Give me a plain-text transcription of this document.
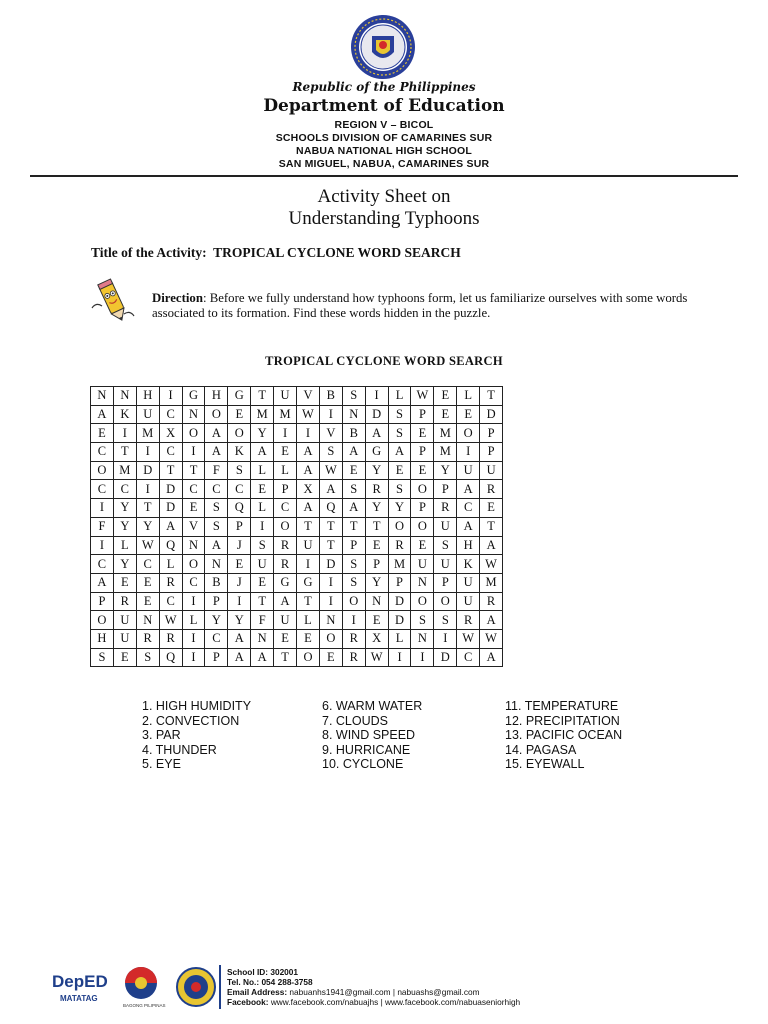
Republic of the Philippines
Department of Education
REGION V – BICOL
SCHOOLS DIVISION OF CAMARINES SUR
NABUA NATIONAL HIGH SCHOOL
SAN MIGUEL, NABUA, CAMARINES SUR
Activity Sheet on
Understanding Typhoons
Title of the Activity: TROPICAL CYCLONE WORD SEARCH
Direction: Before we fully understand how typhoons form, let us familiarize ourselves with some words associated to its formation. Find these words hidden in the puzzle.
TROPICAL CYCLONE WORD SEARCH
N	N	H	I	G	H	G	T	U	V	B	S	I	L	W	E	L	T
A	K	U	C	N	O	E	M	M	W	I	N	D	S	P	E	E	D
E	I	M	X	O	A	O	Y	I	I	V	B	A	S	E	M	O	P
C	T	I	C	I	A	K	A	E	A	S	A	G	A	P	M	I	P
O	M	D	T	T	F	S	L	L	A	W	E	Y	E	E	Y	U	U
C	C	I	D	C	C	C	E	P	X	A	S	R	S	O	P	A	R
I	Y	T	D	E	S	Q	L	C	A	Q	A	Y	Y	P	R	C	E
F	Y	Y	A	V	S	P	I	O	T	T	T	T	O	O	U	A	T
I	L	W	Q	N	A	J	S	R	U	T	P	E	R	E	S	H	A
C	Y	C	L	O	N	E	U	R	I	D	S	P	M	U	U	K	W
A	E	E	R	C	B	J	E	G	G	I	S	Y	P	N	P	U	M
P	R	E	C	I	P	I	T	A	T	I	O	N	D	O	O	U	R
O	U	N	W	L	Y	Y	F	U	L	N	I	E	D	S	S	R	A
H	U	R	R	I	C	A	N	E	E	O	R	X	L	N	I	W	W
S	E	S	Q	I	P	A	A	T	O	E	R	W	I	I	D	C	A
1. HIGH HUMIDITY
2. CONVECTION
3. PAR
4. THUNDER
5. EYE
6. WARM WATER
7. CLOUDS
8. WIND SPEED
9. HURRICANE
10. CYCLONE
11. TEMPERATURE
12. PRECIPITATION
13. PACIFIC OCEAN
14. PAGASA
15. EYEWALL
DepED
MATATAG
BAGONG PILIPINAS
School ID: 302001
Tel. No.: 054 288-3758
Email Address: nabuanhs1941@gmail.com | nabuashs@gmail.com
Facebook: www.facebook.com/nabuajhs | www.facebook.com/nabuaseniorhigh
